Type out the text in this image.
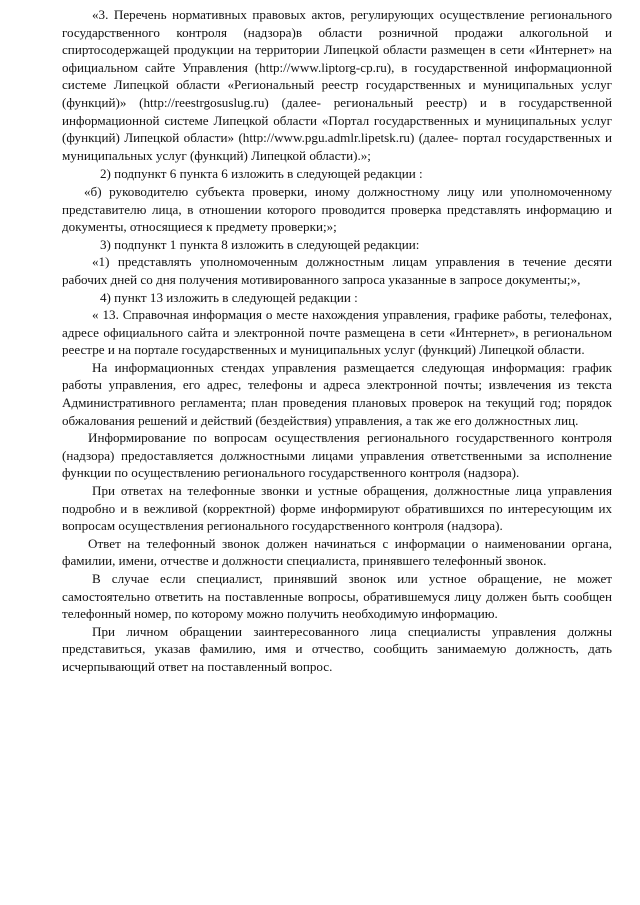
«3. Перечень нормативных правовых актов, регулирующих осуществление регионального государственного контроля (надзора)в области розничной продажи алкогольной и спиртосодержащей продукции на территории Липецкой области размещен в сети «Интернет» на официальном сайте Управления (http://www.liptorg-cp.ru), в государственной информационной системе Липецкой области «Региональный реестр государственных и муниципальных услуг (функций)» (http://reestrgosuslug.ru) (далее- региональный реестр) и в государственной информационной системе Липецкой области «Портал государственных и муниципальных услуг (функций) Липецкой области» (http://www.pgu.admlr.lipetsk.ru) (далее- портал государственных и муниципальных услуг (функций) Липецкой области).»;

2) подпункт 6 пункта 6 изложить в следующей редакции :

«б) руководителю субъекта проверки, иному должностному лицу или уполномоченному представителю лица, в отношении которого проводится проверка представлять информацию и документы, относящиеся к предмету проверки;»;

3) подпункт 1 пункта 8 изложить в следующей редакции:

«1) представлять уполномоченным должностным лицам управления в течение десяти рабочих дней со дня получения мотивированного запроса указанные в запросе документы;»,

4) пункт 13 изложить в следующей редакции :

« 13. Справочная информация о месте нахождения управления, графике работы, телефонах, адресе официального сайта и электронной почте размещена в сети «Интернет», в региональном реестре и на портале государственных и муниципальных услуг (функций) Липецкой области.

На информационных стендах управления размещается следующая информация: график работы управления, его адрес, телефоны и адреса электронной почты; извлечения из текста Административного регламента; план проведения плановых проверок на текущий год; порядок обжалования решений и действий (бездействия) управления, а так же его должностных лиц.

Информирование по вопросам осуществления регионального государственного контроля (надзора) предоставляется должностными лицами управления ответственными за исполнение функции по осуществлению регионального государственного контроля (надзора).

При ответах на телефонные звонки и устные обращения, должностные лица управления подробно и в вежливой (корректной) форме информируют обратившихся по интересующим их вопросам осуществления регионального государственного контроля (надзора).

Ответ на телефонный звонок должен начинаться с информации о наименовании органа, фамилии, имени, отчестве и должности специалиста, принявшего телефонный звонок.

В случае если специалист, принявший звонок или устное обращение, не может самостоятельно ответить на поставленные вопросы, обратившемуся лицу должен быть сообщен телефонный номер, по которому можно получить необходимую информацию.

При личном обращении заинтересованного лица специалисты управления должны представиться, указав фамилию, имя и отчество, сообщить занимаемую должность, дать исчерпывающий ответ на поставленный вопрос.
